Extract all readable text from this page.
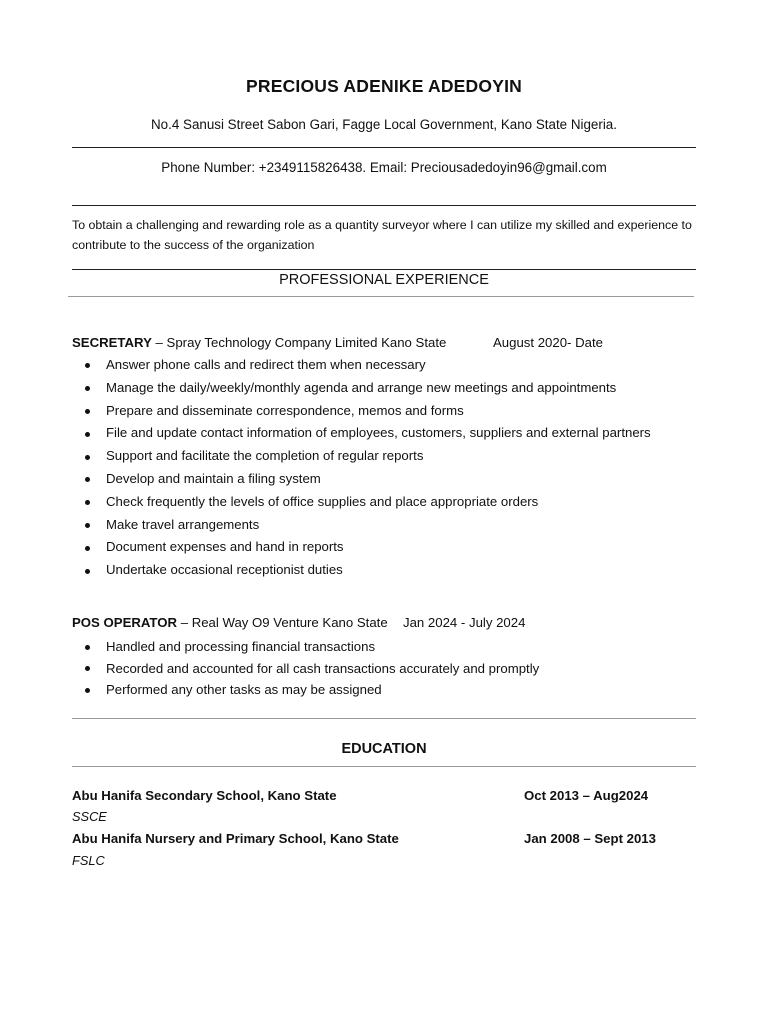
PRECIOUS ADENIKE ADEDOYIN
No.4 Sanusi Street Sabon Gari, Fagge Local Government, Kano State Nigeria.
Phone Number: +2349115826438. Email: Preciousadedoyin96@gmail.com
To obtain a challenging and rewarding role as a quantity surveyor where I can utilize my skilled and experience to contribute to the success of the organization
PROFESSIONAL EXPERIENCE
SECRETARY – Spray Technology Company Limited Kano State	August 2020- Date
Answer phone calls and redirect them when necessary
Manage the daily/weekly/monthly agenda and arrange new meetings and appointments
Prepare and disseminate correspondence, memos and forms
File and update contact information of employees, customers, suppliers and external partners
Support and facilitate the completion of regular reports
Develop and maintain a filing system
Check frequently the levels of office supplies and place appropriate orders
Make travel arrangements
Document expenses and hand in reports
Undertake occasional receptionist duties
POS OPERATOR – Real Way O9 Venture Kano State Jan 2024 - July 2024
Handled and processing financial transactions
Recorded and accounted for all cash transactions accurately and promptly
Performed any other tasks as may be assigned
EDUCATION
Abu Hanifa Secondary School, Kano State	Oct 2013 – Aug2024
SSCE
Abu Hanifa Nursery and Primary School, Kano State	Jan 2008 – Sept 2013
FSLC
